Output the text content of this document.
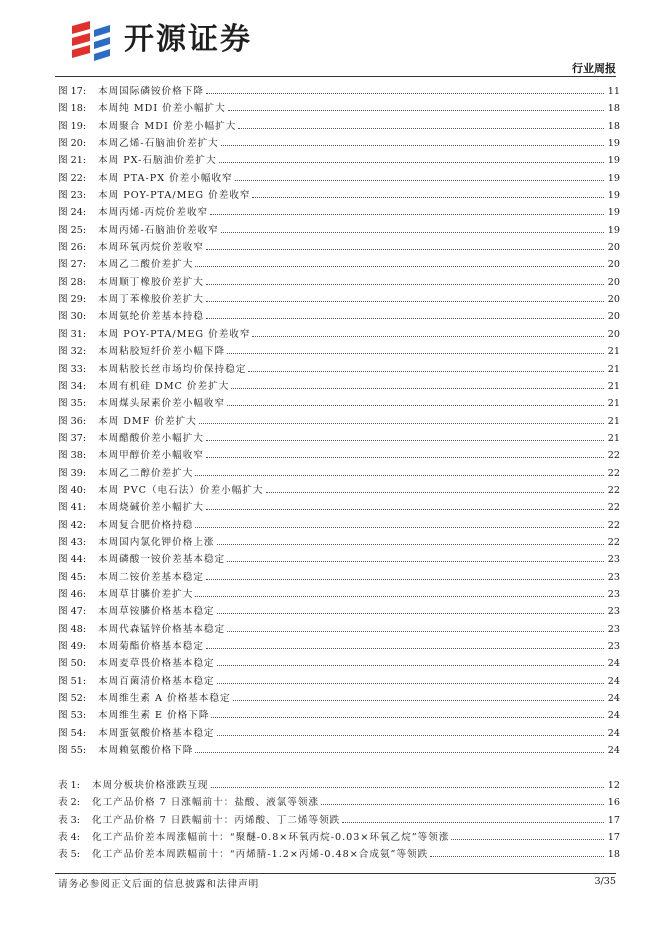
开源证券
行业周报
图 17:	本周国际磷铵价格下降	11
图 18:	本周纯 MDI 价差小幅扩大	18
图 19:	本周聚合 MDI 价差小幅扩大	18
图 20:	本周乙烯-石脑油价差扩大	19
图 21:	本周 PX-石脑油价差扩大	19
图 22:	本周 PTA-PX 价差小幅收窄	19
图 23:	本周 POY-PTA/MEG 价差收窄	19
图 24:	本周丙烯-丙烷价差收窄	19
图 25:	本周丙烯-石脑油价差收窄	19
图 26:	本周环氧丙烷价差收窄	20
图 27:	本周乙二酸价差扩大	20
图 28:	本周顺丁橡胶价差扩大	20
图 29:	本周丁苯橡胶价差扩大	20
图 30:	本周氨纶价差基本持稳	20
图 31:	本周 POY-PTA/MEG 价差收窄	20
图 32:	本周粘胶短纤价差小幅下降	21
图 33:	本周粘胶长丝市场均价保持稳定	21
图 34:	本周有机硅 DMC 价差扩大	21
图 35:	本周煤头尿素价差小幅收窄	21
图 36:	本周 DMF 价差扩大	21
图 37:	本周醋酸价差小幅扩大	21
图 38:	本周甲醇价差小幅收窄	22
图 39:	本周乙二醇价差扩大	22
图 40:	本周 PVC（电石法）价差小幅扩大	22
图 41:	本周烧碱价差小幅扩大	22
图 42:	本周复合肥价格持稳	22
图 43:	本周国内氯化钾价格上涨	22
图 44:	本周磷酸一铵价差基本稳定	23
图 45:	本周二铵价差基本稳定	23
图 46:	本周草甘膦价差扩大	23
图 47:	本周草铵膦价格基本稳定	23
图 48:	本周代森锰锌价格基本稳定	23
图 49:	本周菊酯价格基本稳定	23
图 50:	本周麦草畏价格基本稳定	24
图 51:	本周百菌清价格基本稳定	24
图 52:	本周维生素 A 价格基本稳定	24
图 53:	本周维生素 E 价格下降	24
图 54:	本周蛋氨酸价格基本稳定	24
图 55:	本周赖氨酸价格下降	24
表 1:	本周分板块价格涨跌互现	12
表 2:	化工产品价格 7 日涨幅前十：盐酸、液氯等领涨	16
表 3:	化工产品价格 7 日跌幅前十：丙烯酸、丁二烯等领跌	17
表 4:	化工产品价差本周涨幅前十：“聚醚-0.8×环氧丙烷-0.03×环氧乙烷”等领涨	17
表 5:	化工产品价差本周跌幅前十：“丙烯腈-1.2×丙烯-0.48×合成氨”等领跌	18
请务必参阅正文后面的信息披露和法律声明	3/35
